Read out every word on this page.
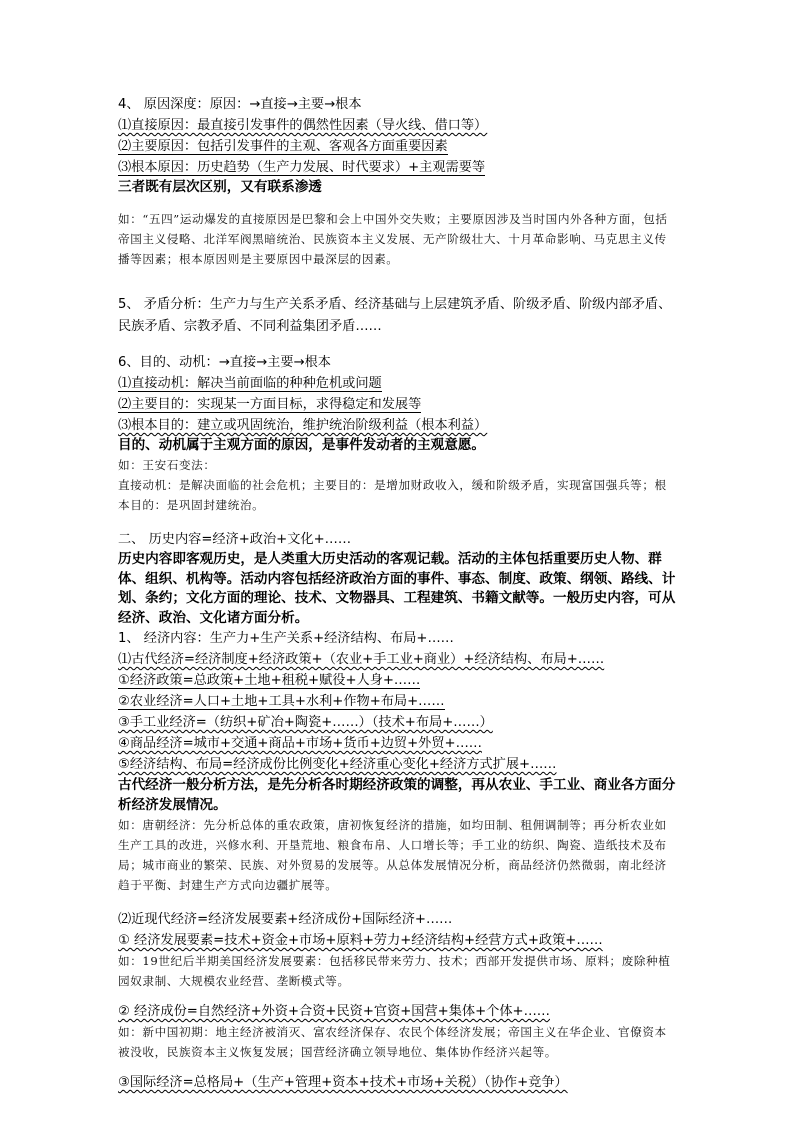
4、 原因深度：原因：→直接→主要→根本

⑴直接原因：最直接引发事件的偶然性因素（导火线、借口等）

⑵主要原因：包括引发事件的主观、客观各方面重要因素

⑶根本原因：历史趋势（生产力发展、时代要求）+主观需要等

三者既有层次区别，又有联系渗透

如：“五四”运动爆发的直接原因是巴黎和会上中国外交失败；主要原因涉及当时国内外各种方面，包括帝国主义侵略、北洋军阀黑暗统治、民族资本主义发展、无产阶级壮大、十月革命影响、马克思主义传播等因素；根本原因则是主要原因中最深层的因素。

5、 矛盾分析：生产力与生产关系矛盾、经济基础与上层建筑矛盾、阶级矛盾、阶级内部矛盾、民族矛盾、宗教矛盾、不同利益集团矛盾……

6、目的、动机：→直接→主要→根本

⑴直接动机：解决当前面临的种种危机或问题

⑵主要目的：实现某一方面目标，求得稳定和发展等

⑶根本目的：建立或巩固统治，维护统治阶级利益（根本利益）

目的、动机属于主观方面的原因，是事件发动者的主观意愿。

如：王安石变法：

直接动机：是解决面临的社会危机；主要目的：是增加财政收入，缓和阶级矛盾，实现富国强兵等；根本目的：是巩固封建统治。

二、 历史内容=经济+政治+文化+……

历史内容即客观历史，是人类重大历史活动的客观记载。活动的主体包括重要历史人物、群体、组织、机构等。活动内容包括经济政治方面的事件、事态、制度、政策、纲领、路线、计划、条约；文化方面的理论、技术、文物器具、工程建筑、书籍文献等。一般历史内容，可从经济、政治、文化诸方面分析。

1、 经济内容：生产力+生产关系+经济结构、布局+……

⑴古代经济=经济制度+经济政策+（农业+手工业+商业）+经济结构、布局+……

①经济政策=总政策+土地+租税+赋役+人身+……

②农业经济=人口+土地+工具+水利+作物+布局+……

③手工业经济=（纺织+矿冶+陶瓷+……）（技术+布局+……）

④商品经济=城市+交通+商品+市场+货币+边贸+外贸+……

⑤经济结构、布局=经济成份比例变化+经济重心变化+经济方式扩展+……

古代经济一般分析方法，是先分析各时期经济政策的调整，再从农业、手工业、商业各方面分析经济发展情况。

如：唐朝经济：先分析总体的重农政策，唐初恢复经济的措施，如均田制、租佣调制等；再分析农业如生产工具的改进，兴修水利、开垦荒地、粮食布帛、人口增长等；手工业的纺织、陶瓷、造纸技术及布局；城市商业的繁荣、民族、对外贸易的发展等。从总体发展情况分析，商品经济仍然微弱，南北经济趋于平衡、封建生产方式向边疆扩展等。

⑵近现代经济=经济发展要素+经济成份+国际经济+……

① 经济发展要素=技术+资金+市场+原料+劳力+经济结构+经营方式+政策+……

如：19世纪后半期美国经济发展要素：包括移民带来劳力、技术；西部开发提供市场、原料；废除种植园奴隶制、大规模农业经营、垄断模式等。

② 经济成份=自然经济+外资+合资+民资+官资+国营+集体+个体+……

如：新中国初期：地主经济被消灭、富农经济保存、农民个体经济发展；帝国主义在华企业、官僚资本被没收，民族资本主义恢复发展；国营经济确立领导地位、集体协作经济兴起等。

③国际经济=总格局+（生产+管理+资本+技术+市场+关税）（协作+竞争）
